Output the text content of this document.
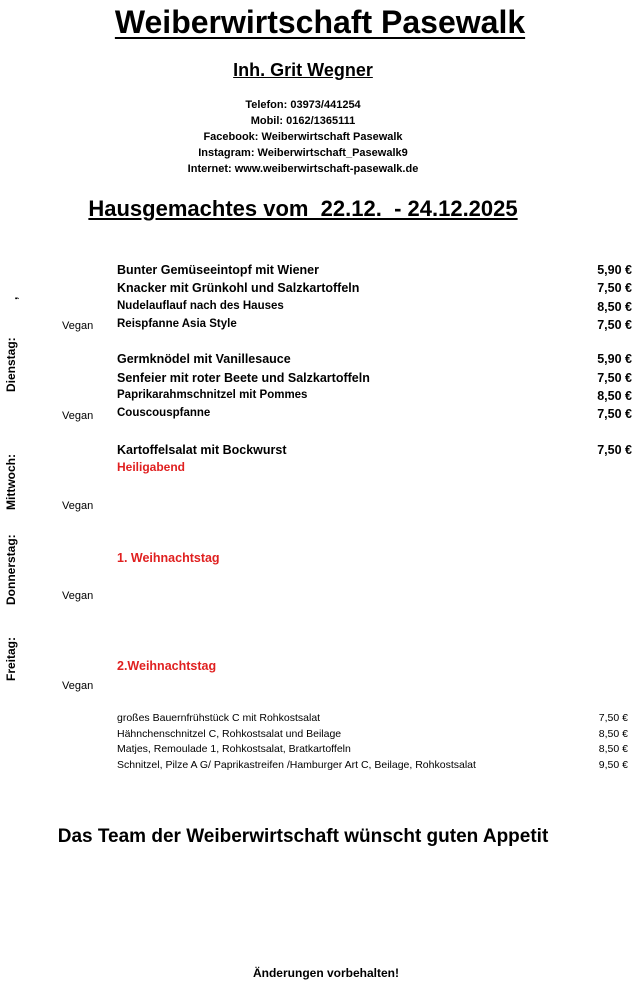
Weiberwirtschaft Pasewalk
Inh. Grit Wegner
Telefon: 03973/441254
Mobil: 0162/1365111
Facebook: Weiberwirtschaft Pasewalk
Instagram: Weiberwirtschaft_Pasewalk9
Internet: www.weiberwirtschaft-pasewalk.de
Hausgemachtes vom  22.12.  - 24.12.2025
,
Dienstag:
Mittwoch:
Donnerstag:
Freitag:
Bunter Gemüseeintopf mit Wiener	5,90 €
Knacker mit Grünkohl und Salzkartoffeln	7,50 €
Nudelauflauf nach des Hauses	8,50 €
Vegan Reispfanne Asia Style	7,50 €
Germknödel mit Vanillesauce	5,90 €
Senfeier mit roter Beete und Salzkartoffeln	7,50 €
Paprikarahmschnitzel mit Pommes	8,50 €
Vegan Couscouspfanne	7,50 €
Kartoffelsalat mit Bockwurst	7,50 €
Heiligabend
Vegan
1. Weihnachtstag
Vegan
2.Weihnachtstag
Vegan
großes Bauernfrühstück C mit Rohkostsalat	7,50 €
Hähnchenschnitzel C, Rohkostsalat und Beilage	8,50 €
Matjes, Remoulade 1, Rohkostsalat, Bratkartoffeln	8,50 €
Schnitzel, Pilze A G/ Paprikastreifen /Hamburger Art C, Beilage, Rohkostsalat	9,50 €
Das Team der Weiberwirtschaft wünscht guten Appetit
Änderungen vorbehalten!
